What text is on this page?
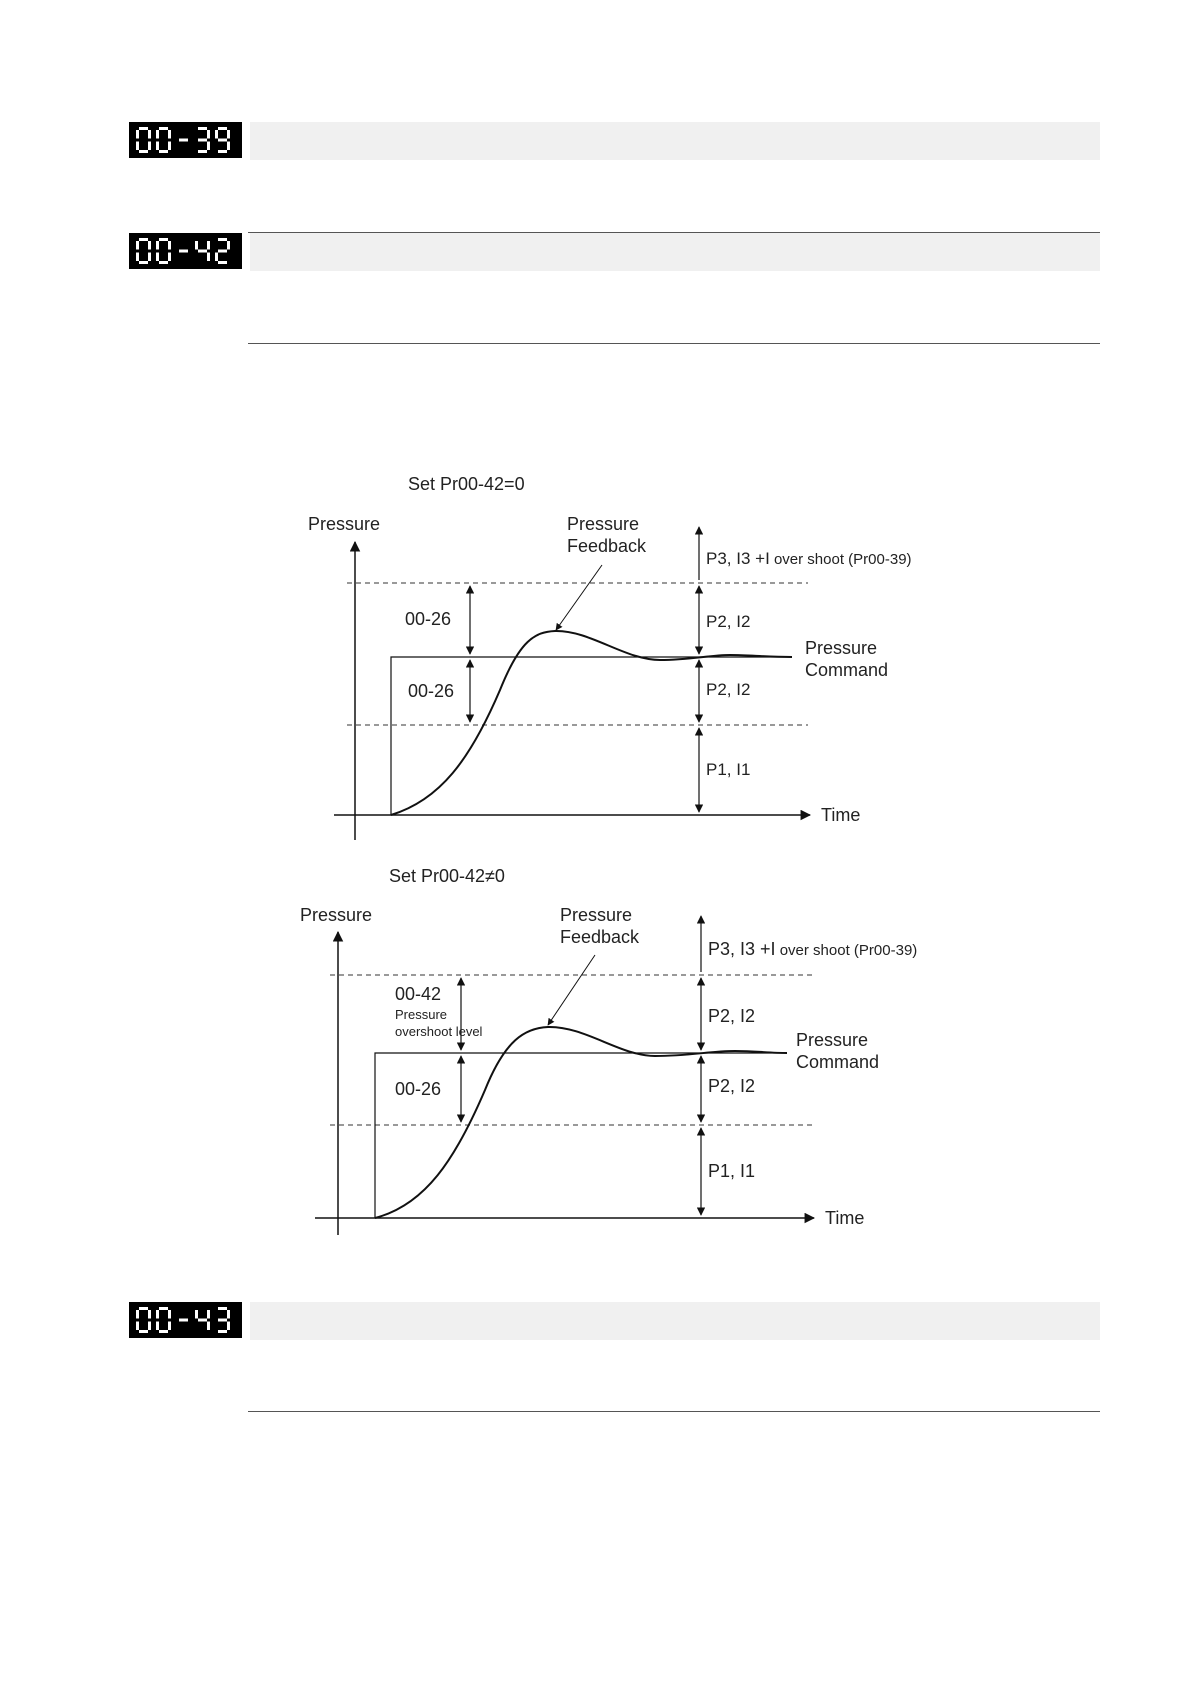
Set Pr00-42=0
Pressure
Time
00-26
00-26
P3, I3 +I over shoot (Pr00-39)
P2, I2
P2, I2
P1, I1
Pressure Feedback
Pressure Command
Set Pr00-42≠0
Pressure
Time
00-42
Pressure overshoot level
00-26
P3, I3 +I over shoot (Pr00-39)
P2, I2
P2, I2
P1, I1
Pressure Feedback
Pressure Command
